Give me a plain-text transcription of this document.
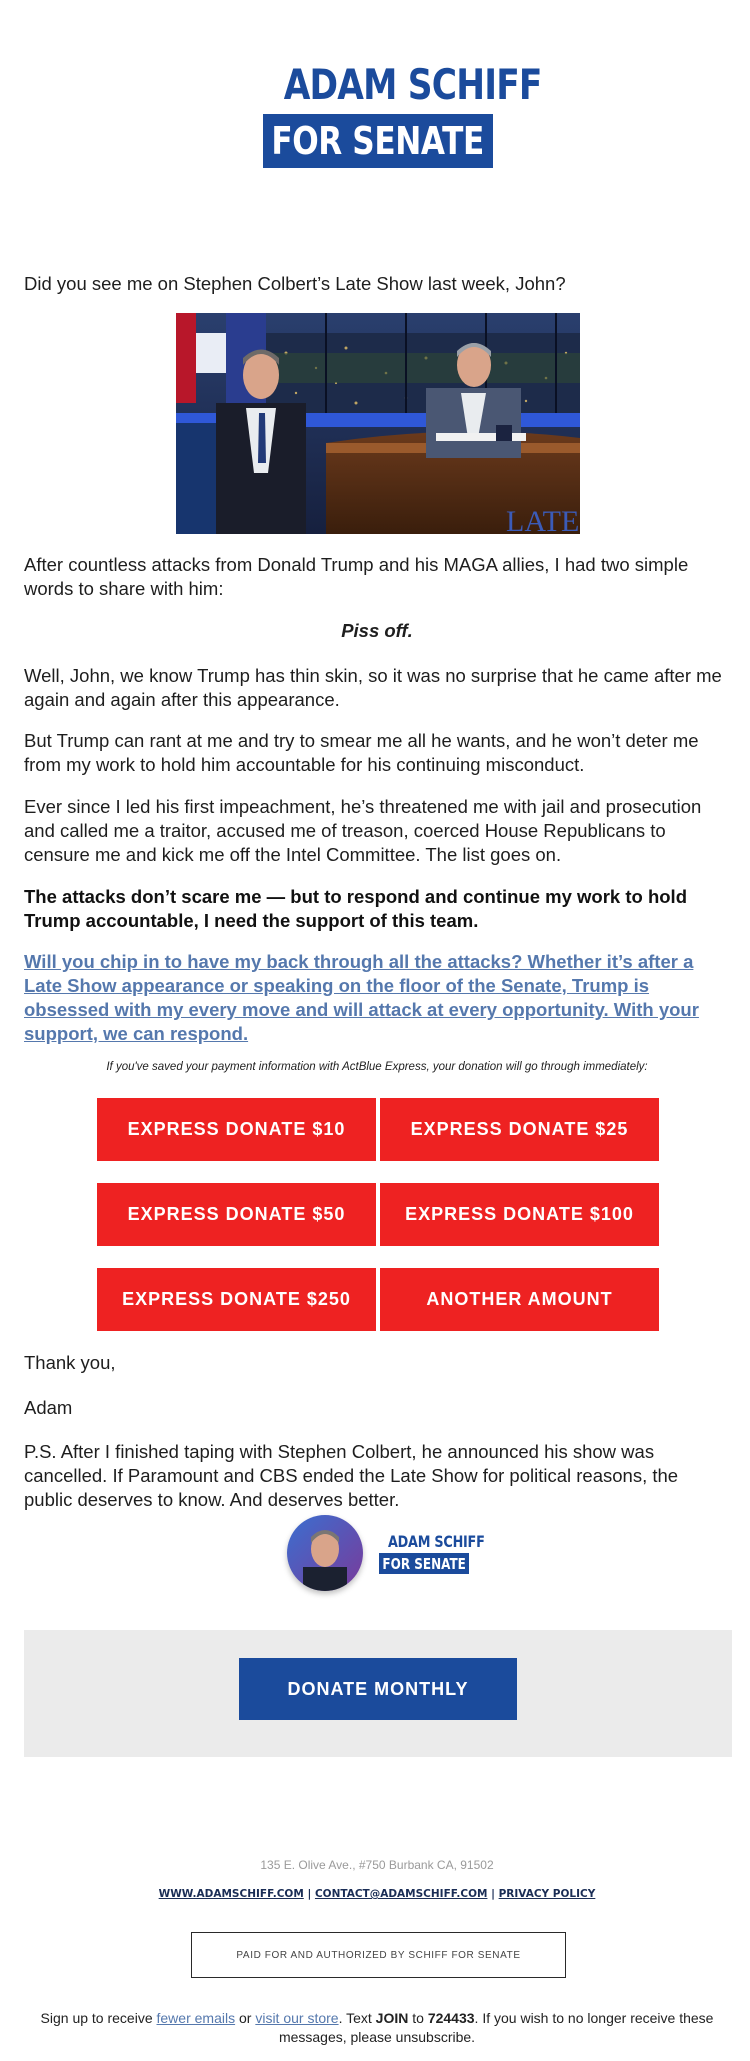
ADAM SCHIFF
FOR SENATE
Did you see me on Stephen Colbert’s Late Show last week, John?
LATE
After countless attacks from Donald Trump and his MAGA allies, I had two simple words to share with him:
Piss off.
Well, John, we know Trump has thin skin, so it was no surprise that he came after me again and again after this appearance.
But Trump can rant at me and try to smear me all he wants, and he won’t deter me from my work to hold him accountable for his continuing misconduct.
Ever since I led his first impeachment, he’s threatened me with jail and prosecution and called me a traitor, accused me of treason, coerced House Republicans to censure me and kick me off the Intel Committee. The list goes on.
The attacks don’t scare me — but to respond and continue my work to hold Trump accountable, I need the support of this team.
Will you chip in to have my back through all the attacks? Whether it’s after a Late Show appearance or speaking on the floor of the Senate, Trump is obsessed with my every move and will attack at every opportunity. With your support, we can respond.
If you've saved your payment information with ActBlue Express, your donation will go through immediately:
EXPRESS DONATE $10	EXPRESS DONATE $25
EXPRESS DONATE $50	EXPRESS DONATE $100
EXPRESS DONATE $250	ANOTHER AMOUNT
Thank you,
Adam
P.S. After I finished taping with Stephen Colbert, he announced his show was cancelled. If Paramount and CBS ended the Late Show for political reasons, the public deserves to know. And deserves better.
ADAM SCHIFF
FOR SENATE
DONATE MONTHLY
135 E. Olive Ave., #750 Burbank CA, 91502
WWW.ADAMSCHIFF.COM | CONTACT@ADAMSCHIFF.COM | PRIVACY POLICY
PAID FOR AND AUTHORIZED BY SCHIFF FOR SENATE
Sign up to receive fewer emails or visit our store. Text JOIN to 724433. If you wish to no longer receive these messages, please unsubscribe.
